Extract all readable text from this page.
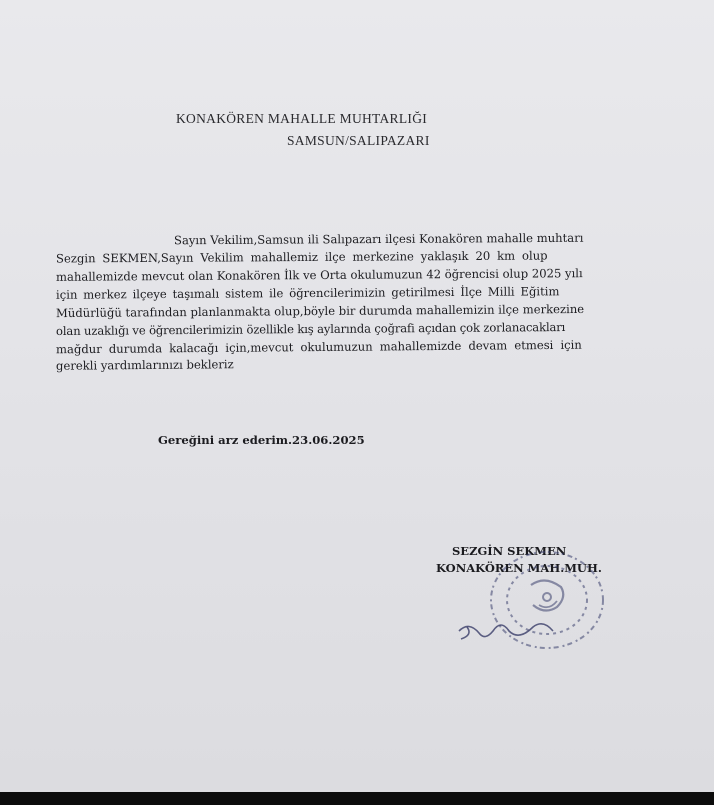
KONAKÖREN MAHALLE MUHTARLIĞI
SAMSUN/SALIPAZARI
Sayın Vekilim,Samsun ili Salıpazarı ilçesi Konakören mahalle muhtarı
Sezgin SEKMEN,Sayın Vekilim mahallemiz ilçe merkezine yaklaşık 20 km olup
mahallemizde mevcut olan Konakören İlk ve Orta okulumuzun 42 öğrencisi olup 2025 yılı
için merkez ilçeye taşımalı sistem ile öğrencilerimizin getirilmesi İlçe Milli Eğitim
Müdürlüğü tarafından planlanmakta olup,böyle bir durumda mahallemizin ilçe merkezine
olan uzaklığı ve öğrencilerimizin özellikle kış aylarında çoğrafi açıdan çok zorlanacakları
mağdur durumda kalacağı için,mevcut okulumuzun mahallemizde devam etmesi için
gerekli yardımlarınızı bekleriz
Gereğini arz ederim.23.06.2025
SEZGİN SEKMEN
KONAKÖREN MAH.MUH.
